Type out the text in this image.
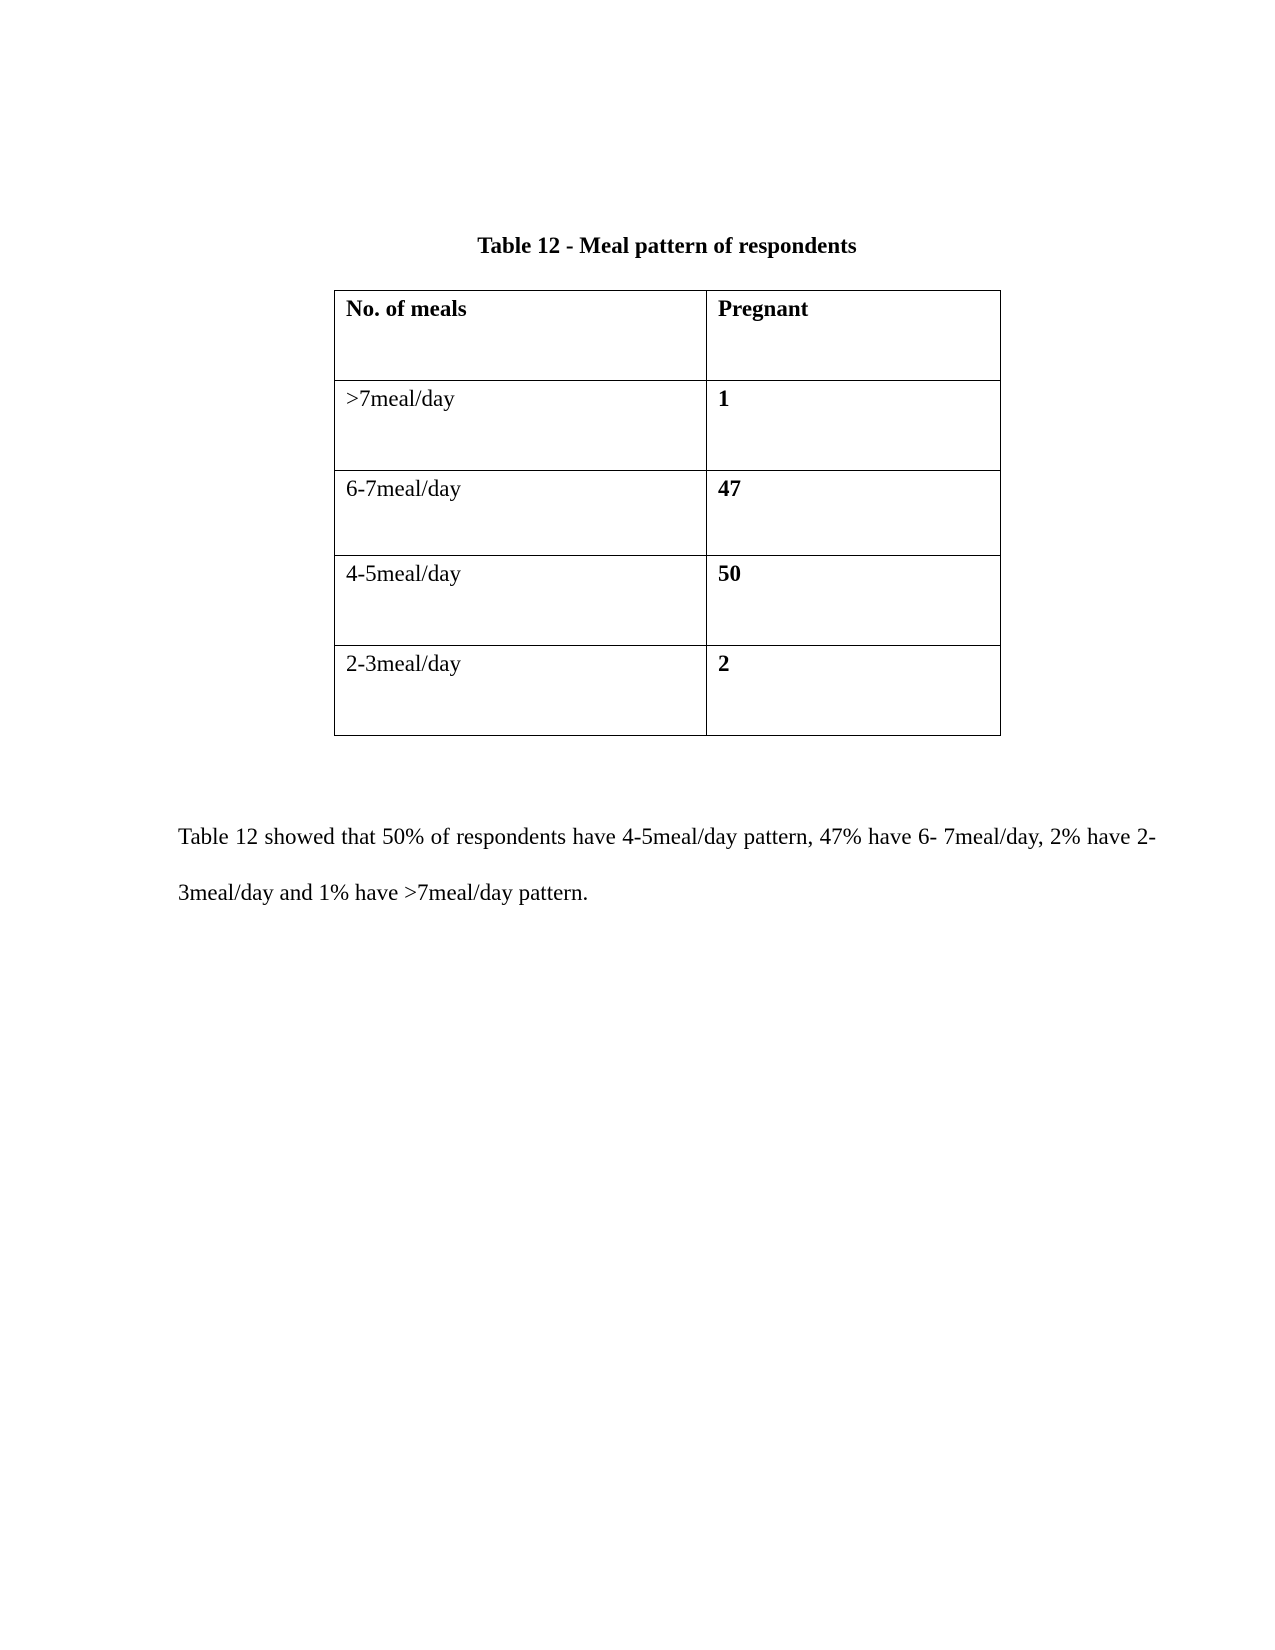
Table 12 - Meal pattern of respondents
No. of meals	Pregnant
>7meal/day	1
6-7meal/day	47
4-5meal/day	50
2-3meal/day	2

Table 12 showed that 50% of respondents have 4-5meal/day pattern, 47% have 6- 7meal/day, 2% have 2-3meal/day and 1% have >7meal/day pattern.
